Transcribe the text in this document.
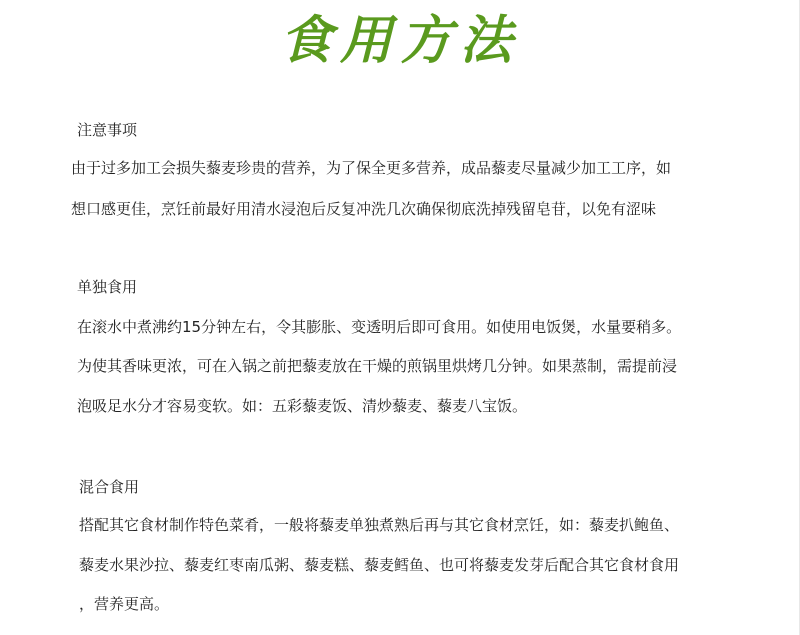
食用方法
注意事项
由于过多加工会损失藜麦珍贵的营养，为了保全更多营养，成品藜麦尽量减少加工工序，如
想口感更佳，烹饪前最好用清水浸泡后反复冲洗几次确保彻底洗掉残留皂苷，以免有涩味
单独食用
在滚水中煮沸约15分钟左右，令其膨胀、变透明后即可食用。如使用电饭煲，水量要稍多。
为使其香味更浓，可在入锅之前把藜麦放在干燥的煎锅里烘烤几分钟。如果蒸制，需提前浸
泡吸足水分才容易变软。如：五彩藜麦饭、清炒藜麦、藜麦八宝饭。
混合食用
搭配其它食材制作特色菜肴，一般将藜麦单独煮熟后再与其它食材烹饪，如：藜麦扒鲍鱼、
藜麦水果沙拉、藜麦红枣南瓜粥、藜麦糕、藜麦鳕鱼、也可将藜麦发芽后配合其它食材食用
，营养更高。
